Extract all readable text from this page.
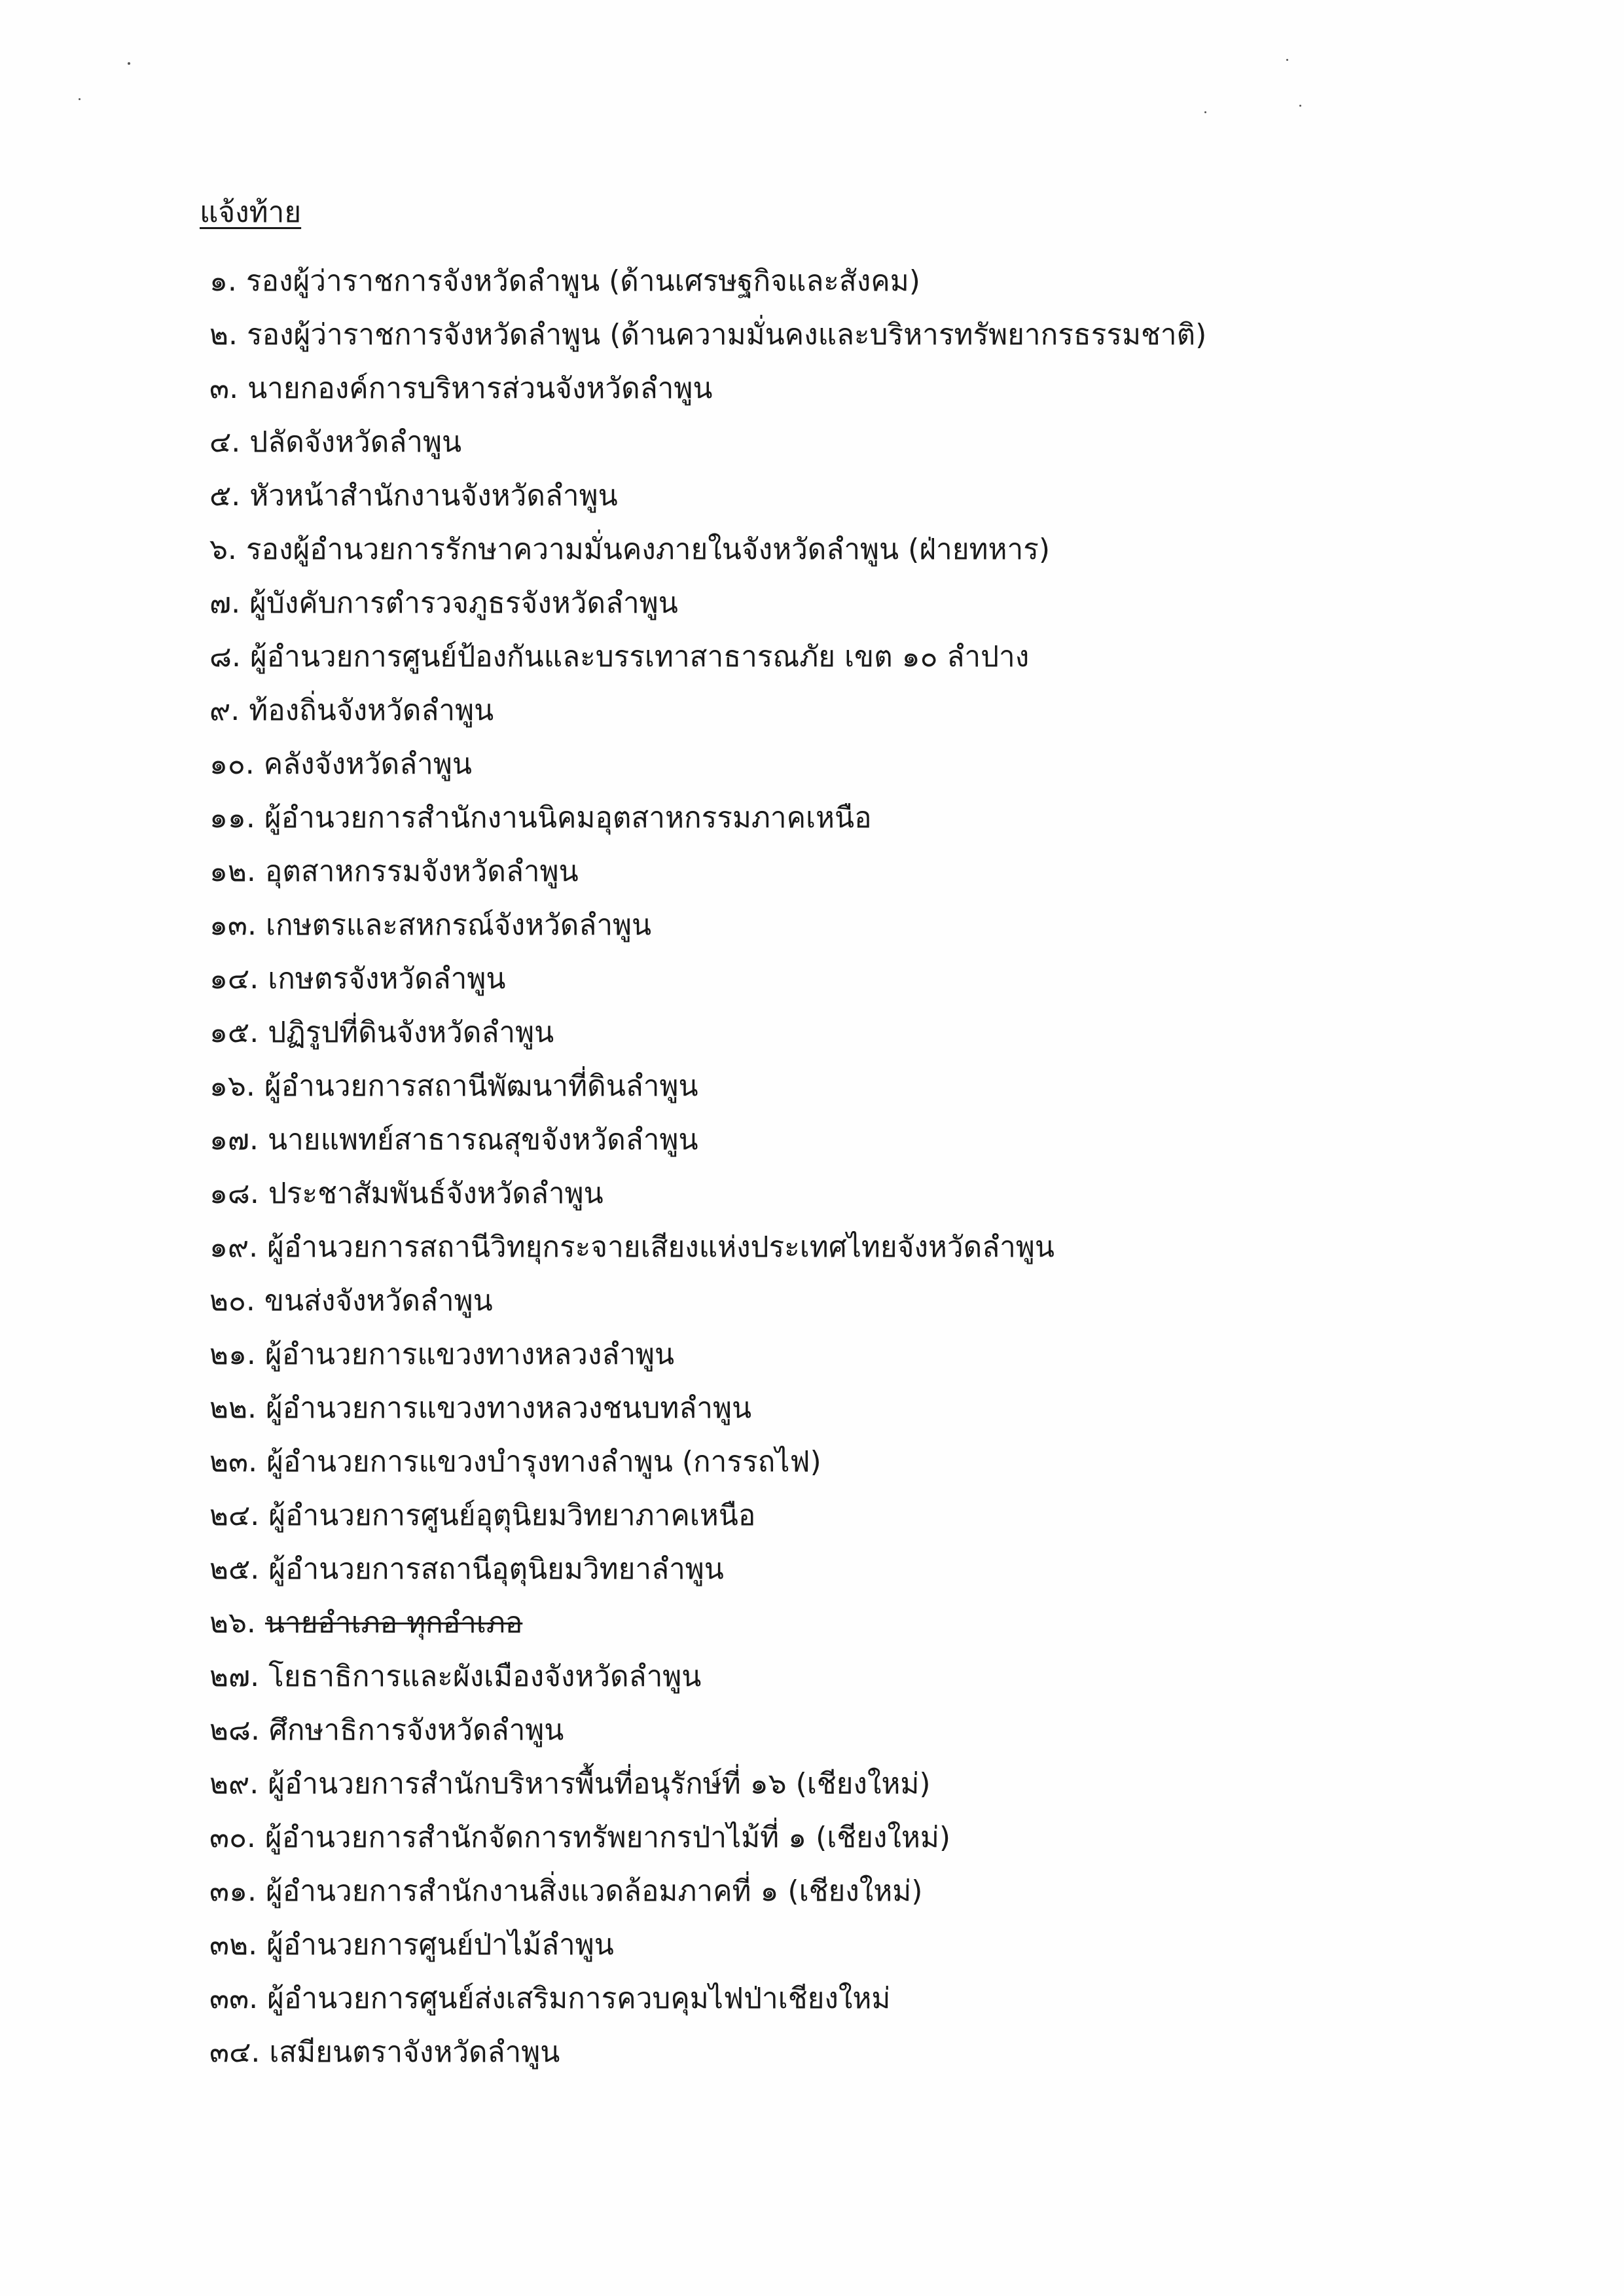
แจ้งท้าย
๑. รองผู้ว่าราชการจังหวัดลำพูน (ด้านเศรษฐกิจและสังคม)
๒. รองผู้ว่าราชการจังหวัดลำพูน (ด้านความมั่นคงและบริหารทรัพยากรธรรมชาติ)
๓. นายกองค์การบริหารส่วนจังหวัดลำพูน
๔. ปลัดจังหวัดลำพูน
๕. หัวหน้าสำนักงานจังหวัดลำพูน
๖. รองผู้อำนวยการรักษาความมั่นคงภายในจังหวัดลำพูน (ฝ่ายทหาร)
๗. ผู้บังคับการตำรวจภูธรจังหวัดลำพูน
๘. ผู้อำนวยการศูนย์ป้องกันและบรรเทาสาธารณภัย เขต ๑๐ ลำปาง
๙. ท้องถิ่นจังหวัดลำพูน
๑๐. คลังจังหวัดลำพูน
๑๑. ผู้อำนวยการสำนักงานนิคมอุตสาหกรรมภาคเหนือ
๑๒. อุตสาหกรรมจังหวัดลำพูน
๑๓. เกษตรและสหกรณ์จังหวัดลำพูน
๑๔. เกษตรจังหวัดลำพูน
๑๕. ปฏิรูปที่ดินจังหวัดลำพูน
๑๖. ผู้อำนวยการสถานีพัฒนาที่ดินลำพูน
๑๗. นายแพทย์สาธารณสุขจังหวัดลำพูน
๑๘. ประชาสัมพันธ์จังหวัดลำพูน
๑๙. ผู้อำนวยการสถานีวิทยุกระจายเสียงแห่งประเทศไทยจังหวัดลำพูน
๒๐. ขนส่งจังหวัดลำพูน
๒๑. ผู้อำนวยการแขวงทางหลวงลำพูน
๒๒. ผู้อำนวยการแขวงทางหลวงชนบทลำพูน
๒๓. ผู้อำนวยการแขวงบำรุงทางลำพูน (การรถไฟ)
๒๔. ผู้อำนวยการศูนย์อุตุนิยมวิทยาภาคเหนือ
๒๕. ผู้อำนวยการสถานีอุตุนิยมวิทยาลำพูน
๒๖. นายอำเภอ ทุกอำเภอ
๒๗. โยธาธิการและผังเมืองจังหวัดลำพูน
๒๘. ศึกษาธิการจังหวัดลำพูน
๒๙. ผู้อำนวยการสำนักบริหารพื้นที่อนุรักษ์ที่ ๑๖ (เชียงใหม่)
๓๐. ผู้อำนวยการสำนักจัดการทรัพยากรป่าไม้ที่ ๑ (เชียงใหม่)
๓๑. ผู้อำนวยการสำนักงานสิ่งแวดล้อมภาคที่ ๑ (เชียงใหม่)
๓๒. ผู้อำนวยการศูนย์ป่าไม้ลำพูน
๓๓. ผู้อำนวยการศูนย์ส่งเสริมการควบคุมไฟป่าเชียงใหม่
๓๔. เสมียนตราจังหวัดลำพูน
